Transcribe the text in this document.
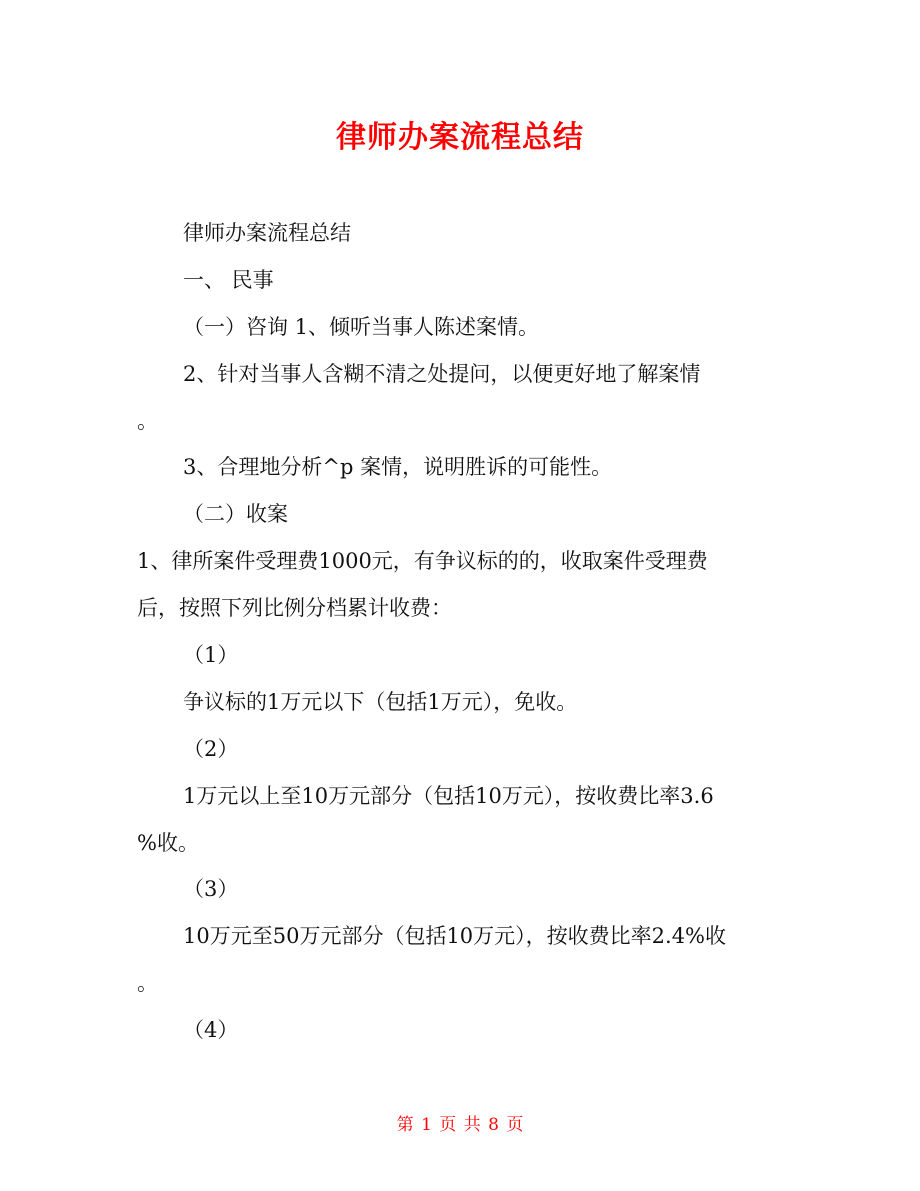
律师办案流程总结
律师办案流程总结
一、 民事
（一）咨询 1、倾听当事人陈述案情。
2、针对当事人含糊不清之处提问，以便更好地了解案情
。
3、合理地分析^p 案情，说明胜诉的可能性。
（二）收案
1、律所案件受理费1000元，有争议标的的，收取案件受理费
后，按照下列比例分档累计收费：
（1）
争议标的1万元以下（包括1万元），免收。
（2）
1万元以上至10万元部分（包括10万元），按收费比率3.6
%收。
（3）
10万元至50万元部分（包括10万元），按收费比率2.4%收
。
（4）
第 1 页 共 8 页
